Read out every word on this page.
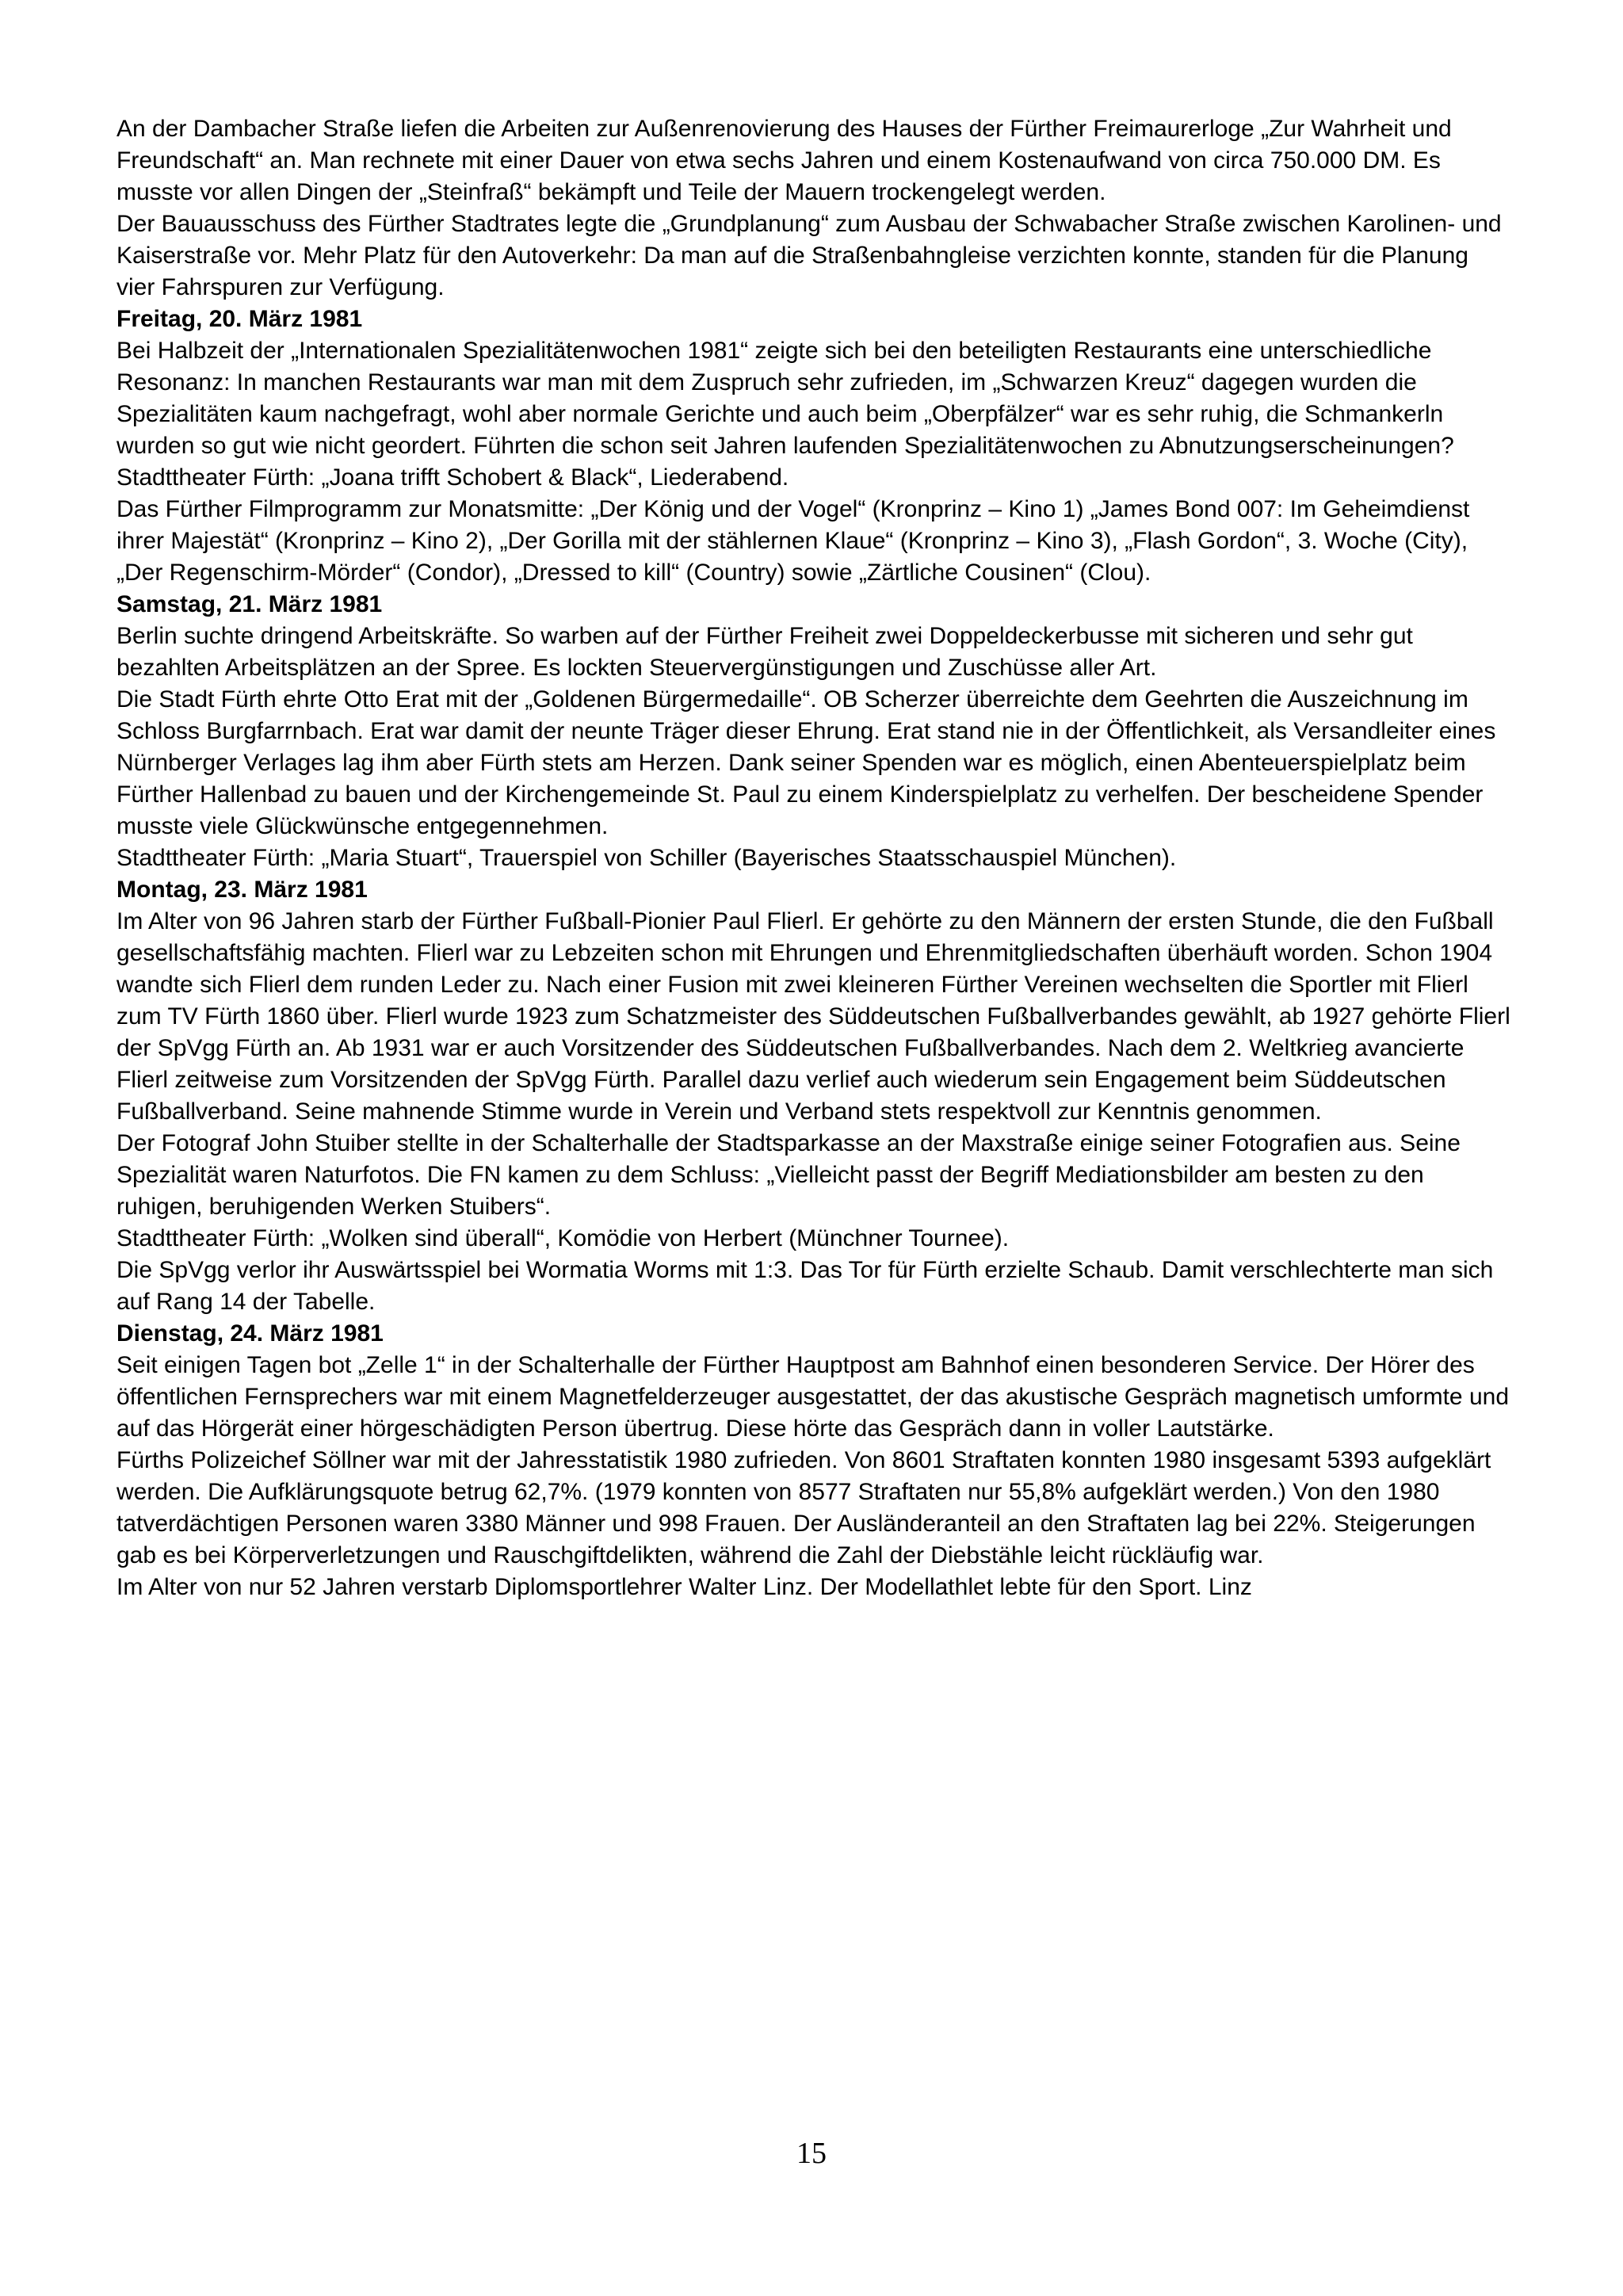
An der Dambacher Straße liefen die Arbeiten zur Außenrenovierung des Hauses der Fürther Freimaurerloge „Zur Wahrheit und Freundschaft“ an. Man rechnete mit einer Dauer von etwa sechs Jahren und einem Kostenaufwand von circa 750.000 DM. Es musste vor allen Dingen der „Steinfraß“ bekämpft und Teile der Mauern trockengelegt werden.

Der Bauausschuss des Fürther Stadtrates legte die „Grundplanung“ zum Ausbau der Schwabacher Straße zwischen Karolinen- und Kaiserstraße vor. Mehr Platz für den Autoverkehr: Da man auf die Straßenbahngleise verzichten konnte, standen für die Planung vier Fahrspuren zur Verfügung.

Freitag, 20. März 1981

Bei Halbzeit der „Internationalen Spezialitätenwochen 1981“ zeigte sich bei den beteiligten Restaurants eine unterschiedliche Resonanz: In manchen Restaurants war man mit dem Zuspruch sehr zufrieden, im „Schwarzen Kreuz“ dagegen wurden die Spezialitäten kaum nachgefragt, wohl aber normale Gerichte und auch beim „Oberpfälzer“ war es sehr ruhig, die Schmankerln wurden so gut wie nicht geordert. Führten die schon seit Jahren laufenden Spezialitätenwochen zu Abnutzungserscheinungen?

Stadttheater Fürth: „Joana trifft Schobert & Black“, Liederabend.

Das Fürther Filmprogramm zur Monatsmitte: „Der König und der Vogel“ (Kronprinz – Kino 1) „James Bond 007: Im Geheimdienst ihrer Majestät“ (Kronprinz – Kino 2), „Der Gorilla mit der stählernen Klaue“ (Kronprinz – Kino 3), „Flash Gordon“, 3. Woche (City), „Der Regenschirm-Mörder“ (Condor), „Dressed to kill“ (Country) sowie „Zärtliche Cousinen“ (Clou).

Samstag, 21. März 1981

Berlin suchte dringend Arbeitskräfte. So warben auf der Fürther Freiheit zwei Doppeldeckerbusse mit sicheren und sehr gut bezahlten Arbeitsplätzen an der Spree. Es lockten Steuervergünstigungen und Zuschüsse aller Art.

Die Stadt Fürth ehrte Otto Erat mit der „Goldenen Bürgermedaille“. OB Scherzer überreichte dem Geehrten die Auszeichnung im Schloss Burgfarrnbach. Erat war damit der neunte Träger dieser Ehrung. Erat stand nie in der Öffentlichkeit, als Versandleiter eines Nürnberger Verlages lag ihm aber Fürth stets am Herzen. Dank seiner Spenden war es möglich, einen Abenteuerspielplatz beim Fürther Hallenbad zu bauen und der Kirchengemeinde St. Paul zu einem Kinderspielplatz zu verhelfen. Der bescheidene Spender musste viele Glückwünsche entgegennehmen.

Stadttheater Fürth: „Maria Stuart“, Trauerspiel von Schiller (Bayerisches Staatsschauspiel München).

Montag, 23. März 1981

Im Alter von 96 Jahren starb der Fürther Fußball-Pionier Paul Flierl. Er gehörte zu den Männern der ersten Stunde, die den Fußball gesellschaftsfähig machten. Flierl war zu Lebzeiten schon mit Ehrungen und Ehrenmitgliedschaften überhäuft worden. Schon 1904 wandte sich Flierl dem runden Leder zu. Nach einer Fusion mit zwei kleineren Fürther Vereinen wechselten die Sportler mit Flierl zum TV Fürth 1860 über. Flierl wurde 1923 zum Schatzmeister des Süddeutschen Fußballverbandes gewählt, ab 1927 gehörte Flierl der SpVgg Fürth an. Ab 1931 war er auch Vorsitzender des Süddeutschen Fußballverbandes. Nach dem 2. Weltkrieg avancierte Flierl zeitweise zum Vorsitzenden der SpVgg Fürth. Parallel dazu verlief auch wiederum sein Engagement beim Süddeutschen Fußballverband. Seine mahnende Stimme wurde in Verein und Verband stets respektvoll zur Kenntnis genommen.

Der Fotograf John Stuiber stellte in der Schalterhalle der Stadtsparkasse an der Maxstraße einige seiner Fotografien aus. Seine Spezialität waren Naturfotos. Die FN kamen zu dem Schluss: „Vielleicht passt der Begriff Mediationsbilder am besten zu den ruhigen, beruhigenden Werken Stuibers“.

Stadttheater Fürth: „Wolken sind überall“, Komödie von Herbert (Münchner Tournee).

Die SpVgg verlor ihr Auswärtsspiel bei Wormatia Worms mit 1:3. Das Tor für Fürth erzielte Schaub. Damit verschlechterte man sich auf Rang 14 der Tabelle.

Dienstag, 24. März 1981

Seit einigen Tagen bot „Zelle 1“ in der Schalterhalle der Fürther Hauptpost am Bahnhof einen besonderen Service. Der Hörer des öffentlichen Fernsprechers war mit einem Magnetfelderzeuger ausgestattet, der das akustische Gespräch magnetisch umformte und auf das Hörgerät einer hörgeschädigten Person übertrug. Diese hörte das Gespräch dann in voller Lautstärke.

Fürths Polizeichef Söllner war mit der Jahresstatistik 1980 zufrieden. Von 8601 Straftaten konnten 1980 insgesamt 5393 aufgeklärt werden. Die Aufklärungsquote betrug 62,7%. (1979 konnten von 8577 Straftaten nur 55,8% aufgeklärt werden.) Von den 1980 tatverdächtigen Personen waren 3380 Männer und 998 Frauen. Der Ausländeranteil an den Straftaten lag bei 22%. Steigerungen gab es bei Körperverletzungen und Rauschgiftdelikten, während die Zahl der Diebstähle leicht rückläufig war.

Im Alter von nur 52 Jahren verstarb Diplomsportlehrer Walter Linz. Der Modellathlet lebte für den Sport. Linz

15
